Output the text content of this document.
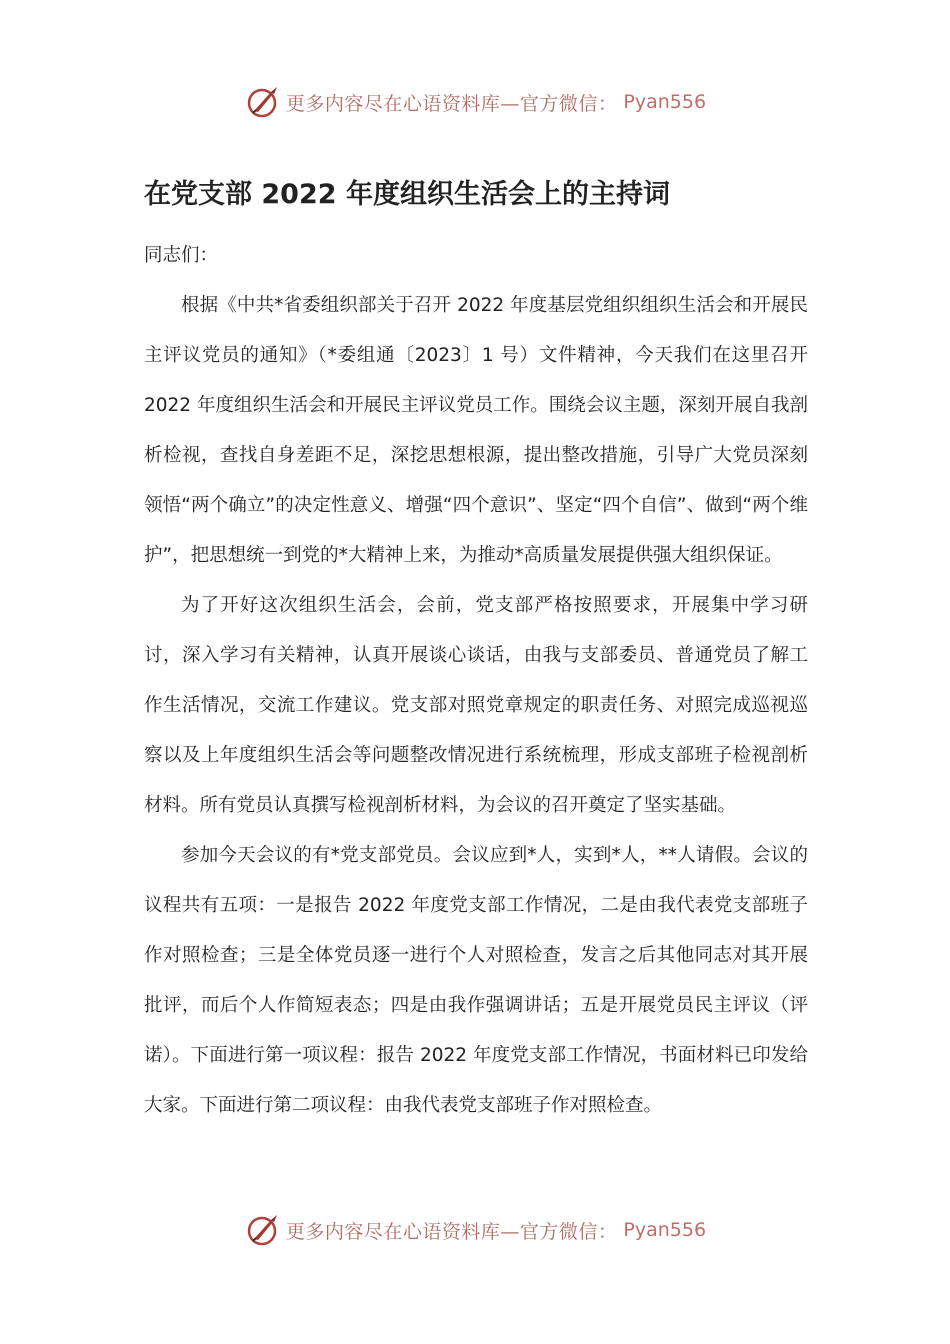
更多内容尽在心语资料库—官方微信： Pyan556
在党支部 2022 年度组织生活会上的主持词

同志们：

根据《中共*省委组织部关于召开 2022 年度基层党组织组织生活会和开展民主评议党员的通知》（*委组通〔2023〕1 号）文件精神，今天我们在这里召开 2022 年度组织生活会和开展民主评议党员工作。围绕会议主题，深刻开展自我剖析检视，查找自身差距不足，深挖思想根源，提出整改措施，引导广大党员深刻领悟“两个确立”的决定性意义、增强“四个意识”、坚定“四个自信”、做到“两个维护”，把思想统一到党的*大精神上来，为推动*高质量发展提供强大组织保证。

为了开好这次组织生活会，会前，党支部严格按照要求，开展集中学习研讨，深入学习有关精神，认真开展谈心谈话，由我与支部委员、普通党员了解工作生活情况，交流工作建议。党支部对照党章规定的职责任务、对照完成巡视巡察以及上年度组织生活会等问题整改情况进行系统梳理，形成支部班子检视剖析材料。所有党员认真撰写检视剖析材料，为会议的召开奠定了坚实基础。

参加今天会议的有*党支部党员。会议应到*人，实到*人，**人请假。会议的议程共有五项：一是报告 2022 年度党支部工作情况，二是由我代表党支部班子作对照检查；三是全体党员逐一进行个人对照检查，发言之后其他同志对其开展批评，而后个人作简短表态；四是由我作强调讲话；五是开展党员民主评议（评诺）。下面进行第一项议程：报告 2022 年度党支部工作情况，书面材料已印发给大家。下面进行第二项议程：由我代表党支部班子作对照检查。

更多内容尽在心语资料库—官方微信： Pyan556
